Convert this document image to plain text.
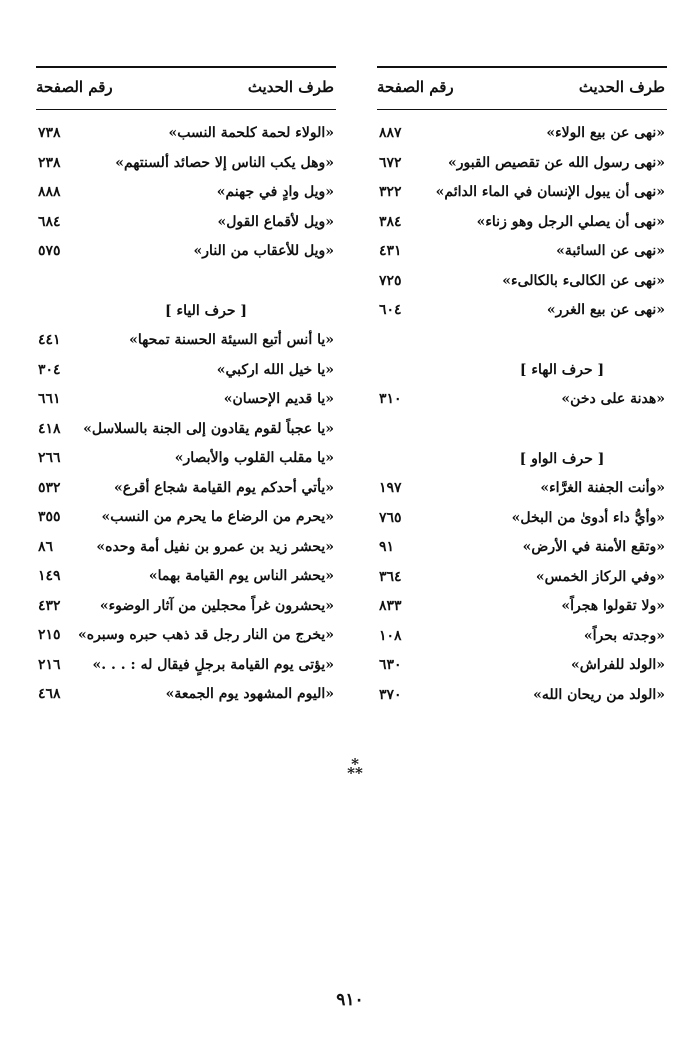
طرف الحديث
رقم الصفحة
«نهى عن بيع الولاء»
٨٨٧
«نهى رسول الله عن تقصيص القبور»
٦٧٢
«نهى أن يبول الإنسان في الماء الدائم»
٣٢٢
«نهى أن يصلي الرجل وهو زناء»
٣٨٤
«نهى عن السائبة»
٤٣١
«نهى عن الكالىء بالكالىء»
٧٢٥
«نهى عن بيع الغرر»
٦٠٤
[ حرف الهاء ]
«هدنة على دخن»
٣١٠
[ حرف الواو ]
«وأنت الجفنة الغرَّاء»
١٩٧
«وأيُّ داء أدوىٰ من البخل»
٧٦٥
«وتقع الأمنة في الأرض»
٩١
«وفي الركاز الخمس»
٣٦٤
«ولا تقولوا هجراً»
٨٣٣
«وجدته بحراً»
١٠٨
«الولد للفراش»
٦٣٠
«الولد من ريحان الله»
٣٧٠
طرف الحديث
رقم الصفحة
«الولاء لحمة كلحمة النسب»
٧٣٨
«وهل يكب الناس إلا حصائد ألسنتهم»
٢٣٨
«ويل وادٍ في جهنم»
٨٨٨
«ويل لأقماع القول»
٦٨٤
«ويل للأعقاب من النار»
٥٧٥
[ حرف الياء ]
«يا أنس أتبع السيئة الحسنة تمحها»
٤٤١
«يا خيل الله اركبي»
٣٠٤
«يا قديم الإحسان»
٦٦١
«يا عجباً لقوم يقادون إلى الجنة بالسلاسل»
٤١٨
«يا مقلب القلوب والأبصار»
٢٦٦
«يأتي أحدكم يوم القيامة شجاع أقرع»
٥٣٢
«يحرم من الرضاع ما يحرم من النسب»
٣٥٥
«يحشر زيد بن عمرو بن نفيل أمة وحده»
٨٦
«يحشر الناس يوم القيامة بهما»
١٤٩
«يحشرون غراً محجلين من آثار الوضوء»
٤٣٢
«يخرج من النار رجل قد ذهب حبره وسبره»
٢١٥
«يؤتى يوم القيامة برجلٍ فيقال له : . . .»
٢١٦
«اليوم المشهود يوم الجمعة»
٤٦٨
*
**
٩١٠
